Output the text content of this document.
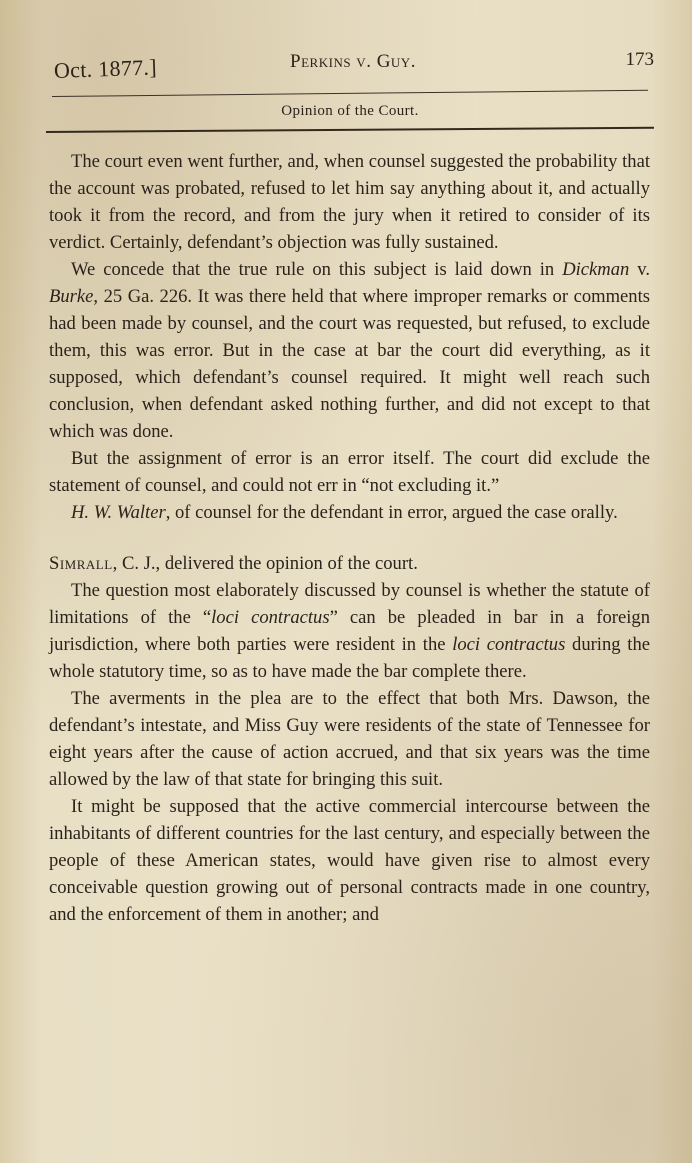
Oct. 1877.]	Perkins v. Guy.	173
Opinion of the Court.

The court even went further, and, when counsel suggested the probability that the account was probated, refused to let him say anything about it, and actually took it from the record, and from the jury when it retired to consider of its verdict. Certainly, defendant’s objection was fully sustained.

We concede that the true rule on this subject is laid down in Dickman v. Burke, 25 Ga. 226. It was there held that where improper remarks or comments had been made by counsel, and the court was requested, but refused, to exclude them, this was error. But in the case at bar the court did everything, as it supposed, which defendant’s counsel required. It might well reach such conclusion, when defendant asked nothing further, and did not except to that which was done.

But the assignment of error is an error itself. The court did exclude the statement of counsel, and could not err in “not excluding it.”

H. W. Walter, of counsel for the defendant in error, argued the case orally.

Simrall, C. J., delivered the opinion of the court.

The question most elaborately discussed by counsel is whether the statute of limitations of the “loci contractus” can be pleaded in bar in a foreign jurisdiction, where both parties were resident in the loci contractus during the whole statutory time, so as to have made the bar complete there.

The averments in the plea are to the effect that both Mrs. Dawson, the defendant’s intestate, and Miss Guy were residents of the state of Tennessee for eight years after the cause of action accrued, and that six years was the time allowed by the law of that state for bringing this suit.

It might be supposed that the active commercial intercourse between the inhabitants of different countries for the last century, and especially between the people of these American states, would have given rise to almost every conceivable question growing out of personal contracts made in one country, and the enforcement of them in another; and
